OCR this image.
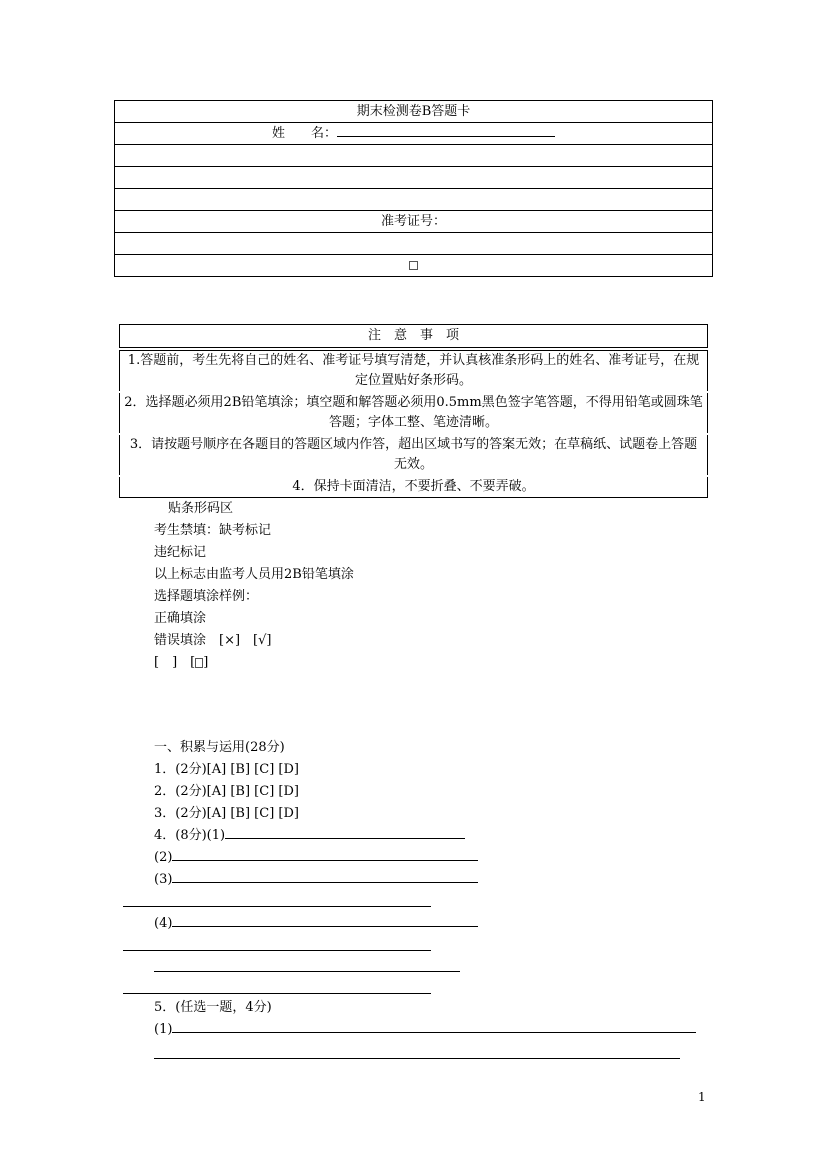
期末检测卷B答题卡
姓　　名：

准考证号：

注　意　事　项
1.答题前，考生先将自己的姓名、准考证号填写清楚，并认真核准条形码上的姓名、准考证号，在规定位置贴好条形码。
2．选择题必须用2B铅笔填涂；填空题和解答题必须用0.5mm黑色签字笔答题，不得用铅笔或圆珠笔答题；字体工整、笔迹清晰。
3．请按题号顺序在各题目的答题区域内作答，超出区域书写的答案无效；在草稿纸、试题卷上答题无效。
4．保持卡面清洁，不要折叠、不要弄破。
贴条形码区
考生禁填：缺考标记
违纪标记
以上标志由监考人员用2B铅笔填涂
选择题填涂样例：
正确填涂
错误填涂　[×]　[√]
[　]　[ ]
一、积累与运用(28分)
1．(2分)[A] [B] [C] [D]
2．(2分)[A] [B] [C] [D]
3．(2分)[A] [B] [C] [D]
4．(8分)(1)
(2)
(3)
(4)
5．(任选一题，4分)
(1)
1
